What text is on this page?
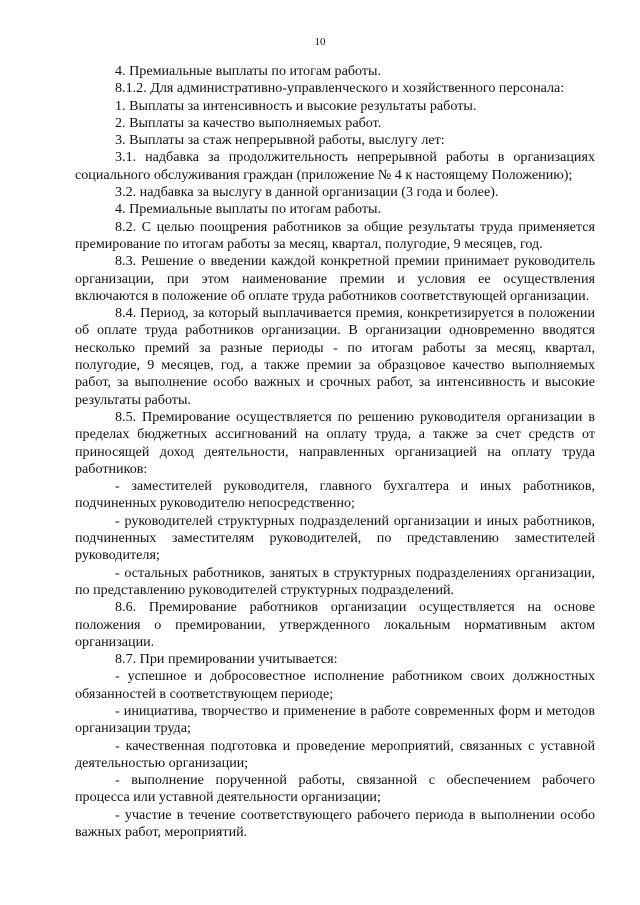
10

4. Премиальные выплаты по итогам работы.

8.1.2. Для административно-управленческого и хозяйственного персонала:

1. Выплаты за интенсивность и высокие результаты работы.

2. Выплаты за качество выполняемых работ.

3. Выплаты за стаж непрерывной работы, выслугу лет:

3.1. надбавка за продолжительность непрерывной работы в организациях социального обслуживания граждан (приложение № 4 к настоящему Положению);

3.2. надбавка за выслугу в данной организации (3 года и более).

4. Премиальные выплаты по итогам работы.

8.2. С целью поощрения работников за общие результаты труда применяется премирование по итогам работы за месяц, квартал, полугодие, 9 месяцев, год.

8.3. Решение о введении каждой конкретной премии принимает руководитель организации, при этом наименование премии и условия ее осуществления включаются в положение об оплате труда работников соответствующей организации.

8.4. Период, за который выплачивается премия, конкретизируется в положении об оплате труда работников организации. В организации одновременно вводятся несколько премий за разные периоды - по итогам работы за месяц, квартал, полугодие, 9 месяцев, год, а также премии за образцовое качество выполняемых работ, за выполнение особо важных и срочных работ, за интенсивность и высокие результаты работы.

8.5. Премирование осуществляется по решению руководителя организации в пределах бюджетных ассигнований на оплату труда, а также за счет средств от приносящей доход деятельности, направленных организацией на оплату труда работников:

- заместителей руководителя, главного бухгалтера и иных работников, подчиненных руководителю непосредственно;

- руководителей структурных подразделений организации и иных работников, подчиненных заместителям руководителей, по представлению заместителей руководителя;

- остальных работников, занятых в структурных подразделениях организации, по представлению руководителей структурных подразделений.

8.6. Премирование работников организации осуществляется на основе положения о премировании, утвержденного локальным нормативным актом организации.

8.7. При премировании учитывается:

- успешное и добросовестное исполнение работником своих должностных обязанностей в соответствующем периоде;

- инициатива, творчество и применение в работе современных форм и методов организации труда;

- качественная подготовка и проведение мероприятий, связанных с уставной деятельностью организации;

- выполнение порученной работы, связанной с обеспечением рабочего процесса или уставной деятельности организации;

- участие в течение соответствующего рабочего периода в выполнении особо важных работ, мероприятий.
